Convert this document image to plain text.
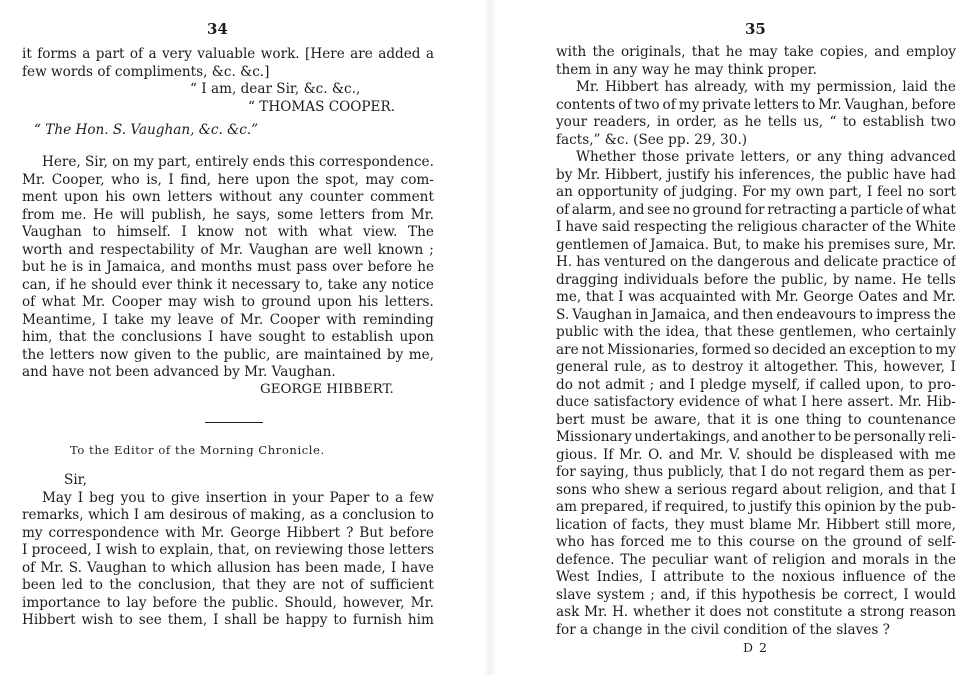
34
it forms a part of a very valuable work. [Here are added a
few words of compliments, &c. &c.]
“ I am, dear Sir, &c. &c.,
“ THOMAS COOPER.
“ The Hon. S. Vaughan, &c. &c.”
Here, Sir, on my part, entirely ends this correspondence.
Mr. Cooper, who is, I find, here upon the spot, may com-
ment upon his own letters without any counter comment
from me. He will publish, he says, some letters from Mr.
Vaughan to himself. I know not with what view. The
worth and respectability of Mr. Vaughan are well known ;
but he is in Jamaica, and months must pass over before he
can, if he should ever think it necessary to, take any notice
of what Mr. Cooper may wish to ground upon his letters.
Meantime, I take my leave of Mr. Cooper with reminding
him, that the conclusions I have sought to establish upon
the letters now given to the public, are maintained by me,
and have not been advanced by Mr. Vaughan.
GEORGE HIBBERT.
To the Editor of the Morning Chronicle.
Sir,
May I beg you to give insertion in your Paper to a few
remarks, which I am desirous of making, as a conclusion to
my correspondence with Mr. George Hibbert ? But before
I proceed, I wish to explain, that, on reviewing those letters
of Mr. S. Vaughan to which allusion has been made, I have
been led to the conclusion, that they are not of sufficient
importance to lay before the public. Should, however, Mr.
Hibbert wish to see them, I shall be happy to furnish him
35
with the originals, that he may take copies, and employ
them in any way he may think proper.
Mr. Hibbert has already, with my permission, laid the
contents of two of my private letters to Mr. Vaughan, before
your readers, in order, as he tells us, “ to establish two
facts,” &c. (See pp. 29, 30.)
Whether those private letters, or any thing advanced
by Mr. Hibbert, justify his inferences, the public have had
an opportunity of judging. For my own part, I feel no sort
of alarm, and see no ground for retracting a particle of what
I have said respecting the religious character of the White
gentlemen of Jamaica. But, to make his premises sure, Mr.
H. has ventured on the dangerous and delicate practice of
dragging individuals before the public, by name. He tells
me, that I was acquainted with Mr. George Oates and Mr.
S. Vaughan in Jamaica, and then endeavours to impress the
public with the idea, that these gentlemen, who certainly
are not Missionaries, formed so decided an exception to my
general rule, as to destroy it altogether. This, however, I
do not admit ; and I pledge myself, if called upon, to pro-
duce satisfactory evidence of what I here assert. Mr. Hib-
bert must be aware, that it is one thing to countenance
Missionary undertakings, and another to be personally reli-
gious. If Mr. O. and Mr. V. should be displeased with me
for saying, thus publicly, that I do not regard them as per-
sons who shew a serious regard about religion, and that I
am prepared, if required, to justify this opinion by the pub-
lication of facts, they must blame Mr. Hibbert still more,
who has forced me to this course on the ground of self-
defence. The peculiar want of religion and morals in the
West Indies, I attribute to the noxious influence of the
slave system ; and, if this hypothesis be correct, I would
ask Mr. H. whether it does not constitute a strong reason
for a change in the civil condition of the slaves ?
D 2
